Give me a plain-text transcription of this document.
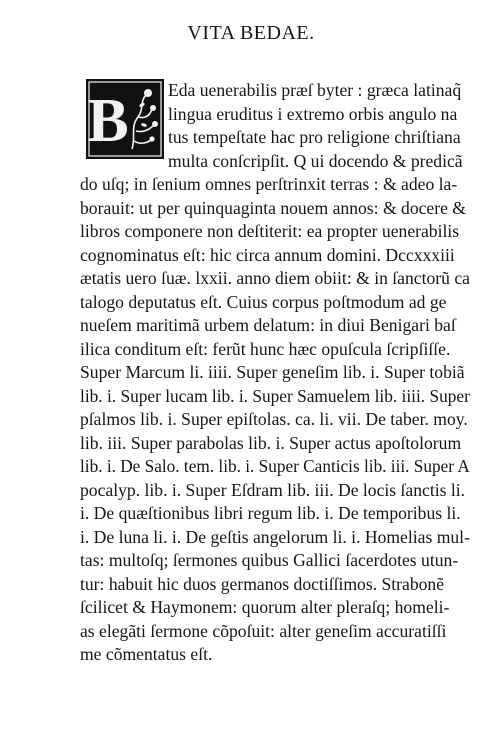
VITA BEDAE.
B Eda uenerabilis præſ byter : græca latinaq̃
lingua eruditus i extremo orbis angulo na
tus tempeſtate hac pro religione chriſtiana
multa conſcripſit. Q ui docendo & predicã
do uſq; in ſenium omnes perſtrinxit terras : & adeo la-
borauit: ut per quinquaginta nouem annos: & docere &
libros componere non deſtiterit: ea propter uenerabilis
cognominatus eſt: hic circa annum domini. Dccxxxiii
ætatis uero ſuæ. lxxii. anno diem obiit: & in ſanctorũ ca
talogo deputatus eſt. Cuius corpus poſtmodum ad ge
nueſem maritimã urbem delatum: in diui Benigari baſ
ilica conditum eſt: ferũt hunc hæc opuſcula ſcripſiſſe.
Super Marcum li. iiii. Super geneſim lib. i. Super tobiã
lib. i. Super lucam lib. i. Super Samuelem lib. iiii. Super
pſalmos lib. i. Super epiſtolas. ca. li. vii. De taber. moy.
lib. iii. Super parabolas lib. i. Super actus apoſtolorum
lib. i. De Salo. tem. lib. i. Super Canticis lib. iii. Super A
pocalyp. lib. i. Super Eſdram lib. iii. De locis ſanctis li.
i. De quæſtionibus libri regum lib. i. De temporibus li.
i. De luna li. i. De geſtis angelorum li. i. Homelias mul-
tas: multoſq; ſermones quibus Gallici ſacerdotes utun-
tur: habuit hic duos germanos doctiſſimos. Strabonẽ
ſcilicet & Haymonem: quorum alter pleraſq; homeli-
as elegãti ſermone cõpoſuit: alter geneſim accuratiſſi
me cõmentatus eſt.
